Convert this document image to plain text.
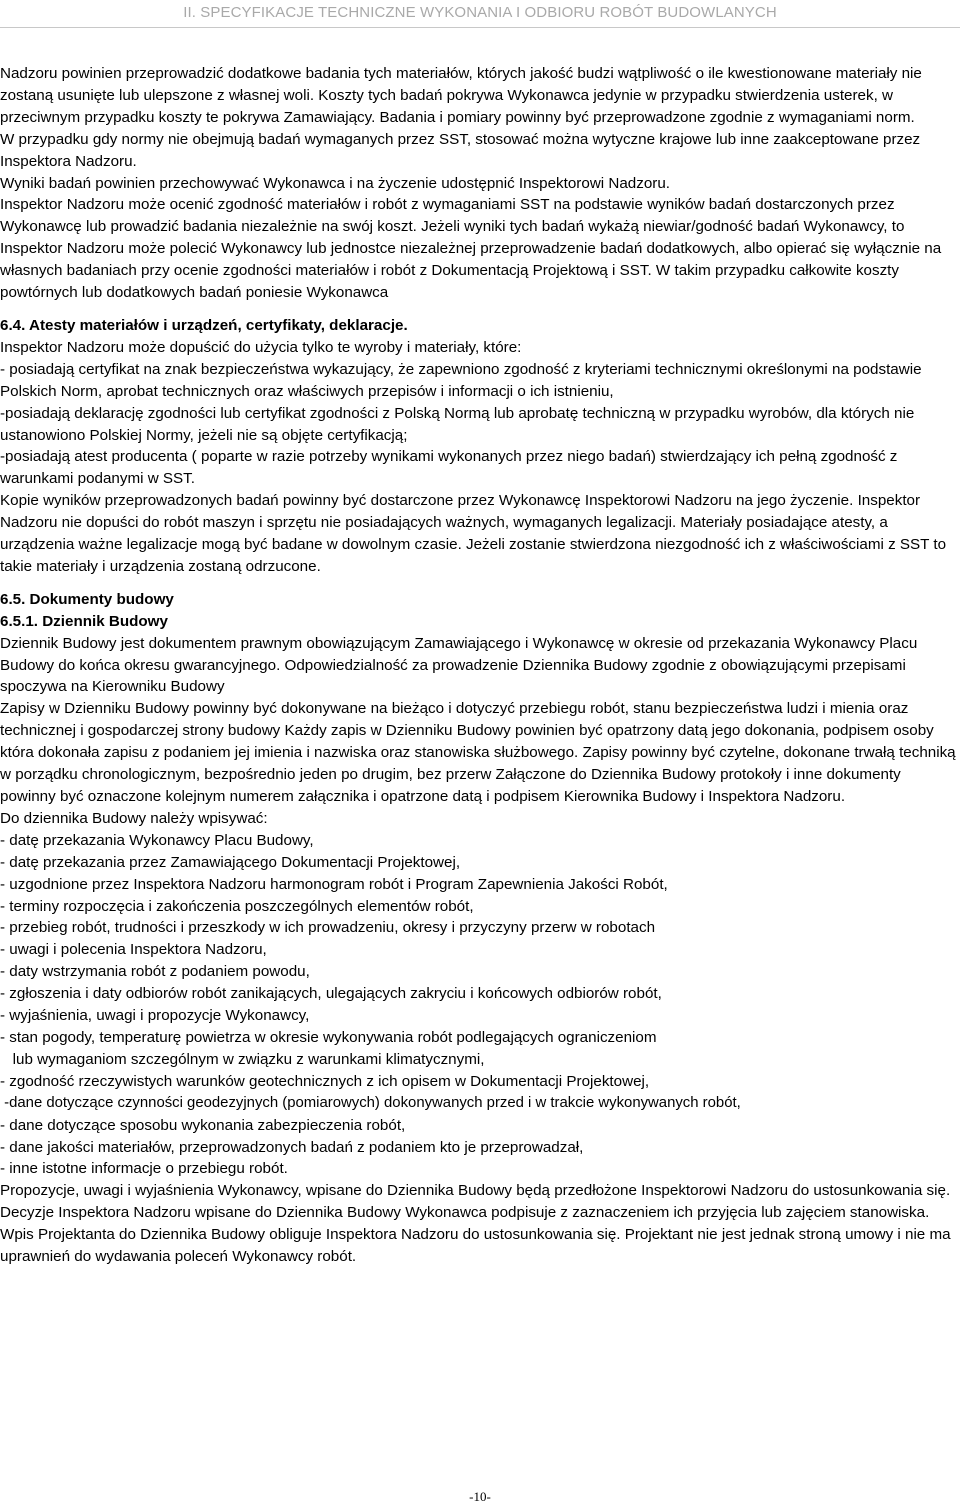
II. SPECYFIKACJE TECHNICZNE WYKONANIA I ODBIORU ROBÓT BUDOWLANYCH

Nadzoru powinien przeprowadzić dodatkowe badania tych materiałów, których jakość budzi wątpliwość o ile kwestionowane materiały nie zostaną usunięte lub ulepszone z własnej woli. Koszty tych badań pokrywa Wykonawca jedynie w przypadku stwierdzenia usterek, w przeciwnym przypadku koszty te pokrywa Zamawiający. Badania i pomiary powinny być przeprowadzone zgodnie z wymaganiami norm.

W przypadku gdy normy nie obejmują badań wymaganych przez SST, stosować można wytyczne krajowe lub inne zaakceptowane przez Inspektora Nadzoru.

Wyniki badań powinien przechowywać Wykonawca i na życzenie udostępnić Inspektorowi Nadzoru.

Inspektor Nadzoru może ocenić zgodność materiałów i robót z wymaganiami SST na podstawie wyników badań dostarczonych przez Wykonawcę lub prowadzić badania niezależnie na swój koszt. Jeżeli wyniki tych badań wykażą niewiar/godność badań Wykonawcy, to Inspektor Nadzoru może polecić Wykonawcy lub jednostce niezależnej przeprowadzenie badań dodatkowych, albo opierać się wyłącznie na własnych badaniach przy ocenie zgodności materiałów i robót z Dokumentacją Projektową i SST. W takim przypadku całkowite koszty powtórnych lub dodatkowych badań poniesie Wykonawca

6.4. Atesty materiałów i urządzeń, certyfikaty, deklaracje.

Inspektor Nadzoru może dopuścić do użycia tylko te wyroby i materiały, które:

- posiadają certyfikat na znak bezpieczeństwa wykazujący, że zapewniono zgodność z kryteriami technicznymi określonymi na podstawie Polskich Norm, aprobat technicznych oraz właściwych przepisów i informacji o ich istnieniu,

-posiadają deklarację zgodności lub certyfikat zgodności z Polską Normą lub aprobatę techniczną w przypadku wyrobów, dla których nie ustanowiono Polskiej Normy, jeżeli nie są objęte certyfikacją;

-posiadają atest producenta ( poparte w razie potrzeby wynikami wykonanych przez niego badań) stwierdzający ich pełną zgodność z warunkami podanymi w SST.

Kopie wyników przeprowadzonych badań powinny być dostarczone przez Wykonawcę Inspektorowi Nadzoru na jego życzenie. Inspektor Nadzoru nie dopuści do robót maszyn i sprzętu nie posiadających ważnych, wymaganych legalizacji. Materiały posiadające atesty, a urządzenia ważne legalizacje mogą być badane w dowolnym czasie. Jeżeli zostanie stwierdzona niezgodność ich z właściwościami z SST to takie materiały i urządzenia zostaną odrzucone.

6.5. Dokumenty budowy
6.5.1. Dziennik Budowy

Dziennik Budowy jest dokumentem prawnym obowiązującym Zamawiającego i Wykonawcę w okresie od przekazania Wykonawcy Placu Budowy do końca okresu gwarancyjnego. Odpowiedzialność za prowadzenie Dziennika Budowy zgodnie z obowiązującymi przepisami spoczywa na Kierowniku Budowy

Zapisy w Dzienniku Budowy powinny być dokonywane na bieżąco i dotyczyć przebiegu robót, stanu bezpieczeństwa ludzi i mienia oraz technicznej i gospodarczej strony budowy Każdy zapis w Dzienniku Budowy powinien być opatrzony datą jego dokonania, podpisem osoby która dokonała zapisu z podaniem jej imienia i nazwiska oraz stanowiska służbowego. Zapisy powinny być czytelne, dokonane trwałą techniką w porządku chronologicznym, bezpośrednio jeden po drugim, bez przerw Załączone do Dziennika Budowy protokoły i inne dokumenty powinny być oznaczone kolejnym numerem załącznika i opatrzone datą i podpisem Kierownika Budowy i Inspektora Nadzoru.

Do dziennika Budowy należy wpisywać:

- datę przekazania Wykonawcy Placu Budowy,

- datę przekazania przez Zamawiającego Dokumentacji Projektowej,

- uzgodnione przez Inspektora Nadzoru harmonogram robót i Program Zapewnienia Jakości Robót,

- terminy rozpoczęcia i zakończenia poszczególnych elementów robót,

- przebieg robót, trudności i przeszkody w ich prowadzeniu, okresy i przyczyny przerw w robotach

- uwagi i polecenia Inspektora Nadzoru,

- daty wstrzymania robót z podaniem powodu,

- zgłoszenia i daty odbiorów robót zanikających, ulegających zakryciu i końcowych odbiorów robót,

- wyjaśnienia, uwagi i propozycje Wykonawcy,

- stan pogody, temperaturę powietrza w okresie wykonywania robót podlegających ograniczeniom

lub wymaganiom szczególnym w związku z warunkami klimatycznymi,

- zgodność rzeczywistych warunków geotechnicznych z ich opisem w Dokumentacji Projektowej,

-dane dotyczące czynności geodezyjnych (pomiarowych) dokonywanych przed i w trakcie wykonywanych robót,

- dane dotyczące sposobu wykonania zabezpieczenia robót,

- dane jakości materiałów, przeprowadzonych badań z podaniem kto je przeprowadzał,

- inne istotne informacje o przebiegu robót.

Propozycje, uwagi i wyjaśnienia Wykonawcy, wpisane do Dziennika Budowy będą przedłożone Inspektorowi Nadzoru do ustosunkowania się. Decyzje Inspektora Nadzoru wpisane do Dziennika Budowy Wykonawca podpisuje z zaznaczeniem ich przyjęcia lub zajęciem stanowiska.

Wpis Projektanta do Dziennika Budowy obliguje Inspektora Nadzoru do ustosunkowania się. Projektant nie jest jednak stroną umowy i nie ma uprawnień do wydawania poleceń Wykonawcy robót.

-10-
